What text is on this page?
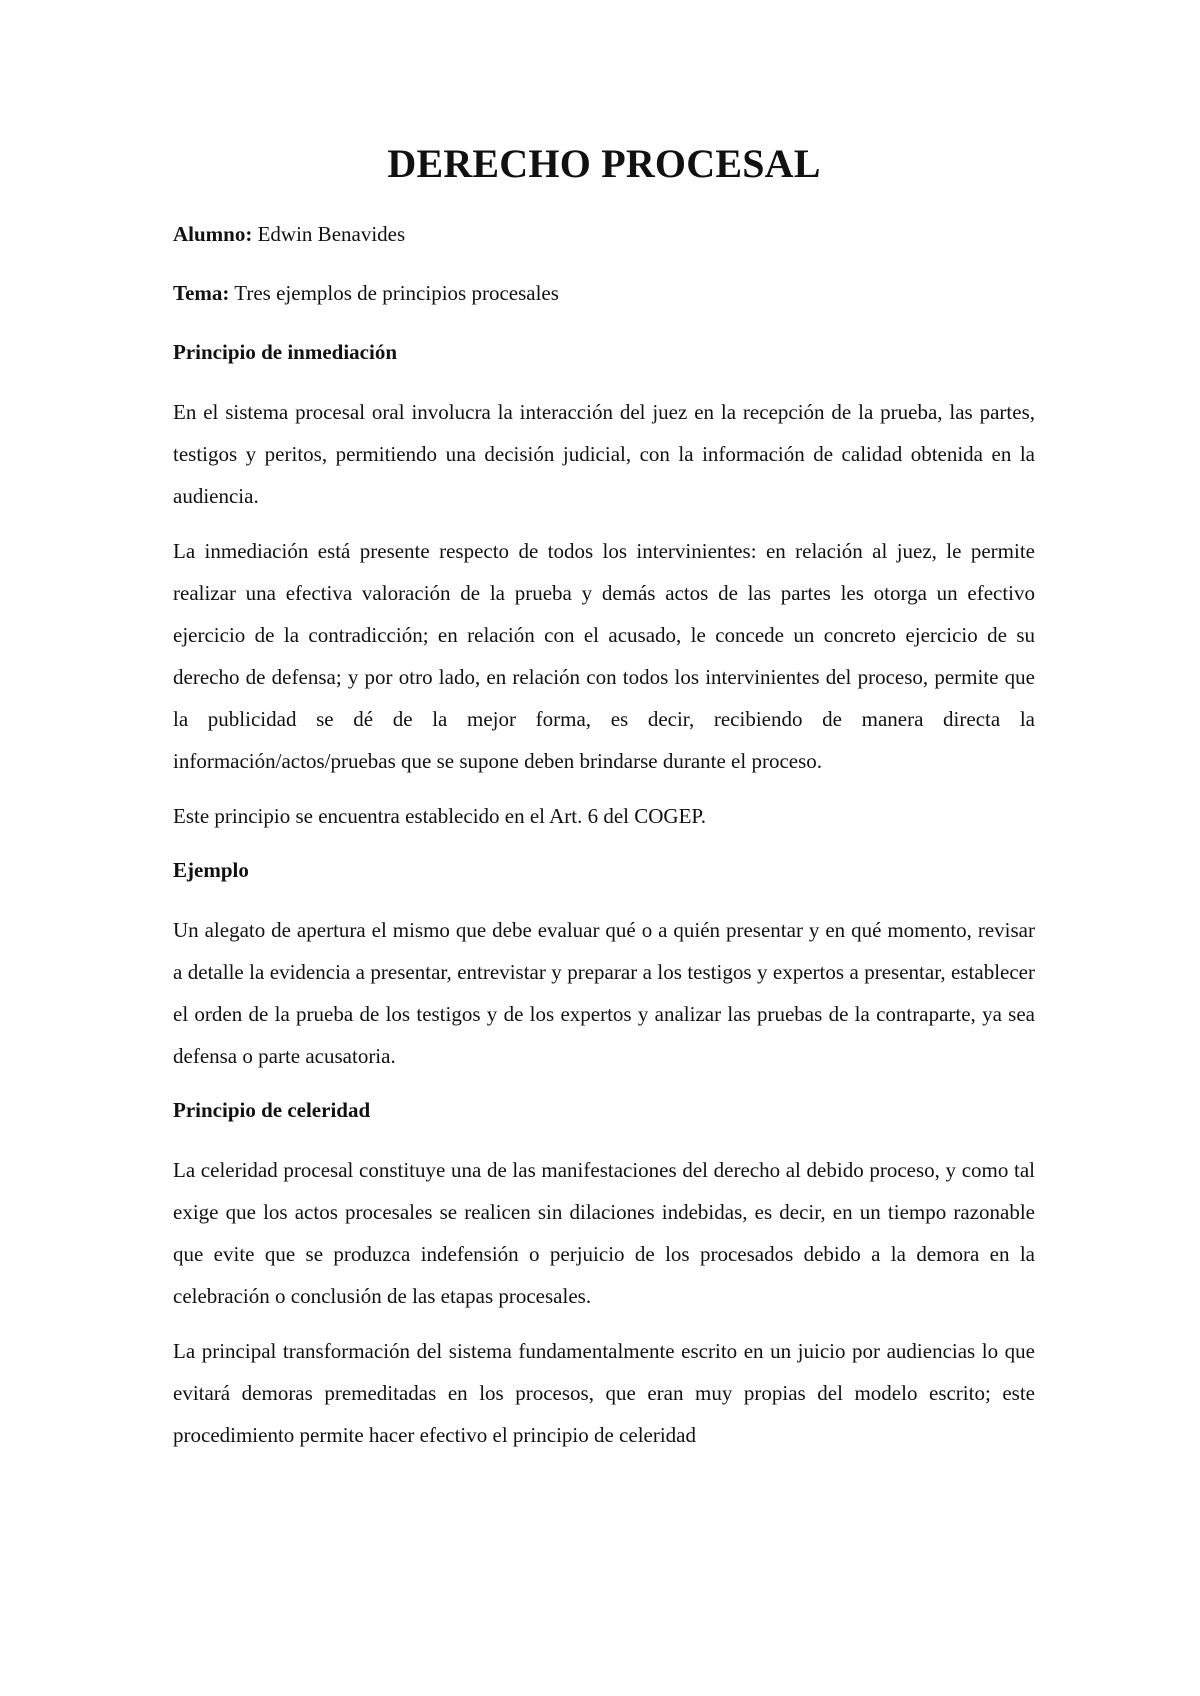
DERECHO PROCESAL

Alumno: Edwin Benavides

Tema: Tres ejemplos de principios procesales

Principio de inmediación

En el sistema procesal oral involucra la interacción del juez en la recepción de la prueba, las partes, testigos y peritos, permitiendo una decisión judicial, con la información de calidad obtenida en la audiencia.

La inmediación está presente respecto de todos los intervinientes: en relación al juez, le permite realizar una efectiva valoración de la prueba y demás actos de las partes les otorga un efectivo ejercicio de la contradicción; en relación con el acusado, le concede un concreto ejercicio de su derecho de defensa; y por otro lado, en relación con todos los intervinientes del proceso, permite que la publicidad se dé de la mejor forma, es decir, recibiendo de manera directa la información/actos/pruebas que se supone deben brindarse durante el proceso.

Este principio se encuentra establecido en el Art. 6 del COGEP.

Ejemplo

Un alegato de apertura el mismo que debe evaluar qué o a quién presentar y en qué momento, revisar a detalle la evidencia a presentar, entrevistar y preparar a los testigos y expertos a presentar, establecer el orden de la prueba de los testigos y de los expertos y analizar las pruebas de la contraparte, ya sea defensa o parte acusatoria.

Principio de celeridad

La celeridad procesal constituye una de las manifestaciones del derecho al debido proceso, y como tal exige que los actos procesales se realicen sin dilaciones indebidas, es decir, en un tiempo razonable que evite que se produzca indefensión o perjuicio de los procesados debido a la demora en la celebración o conclusión de las etapas procesales.

La principal transformación del sistema fundamentalmente escrito en un juicio por audiencias lo que evitará demoras premeditadas en los procesos, que eran muy propias del modelo escrito; este procedimiento permite hacer efectivo el principio de celeridad
